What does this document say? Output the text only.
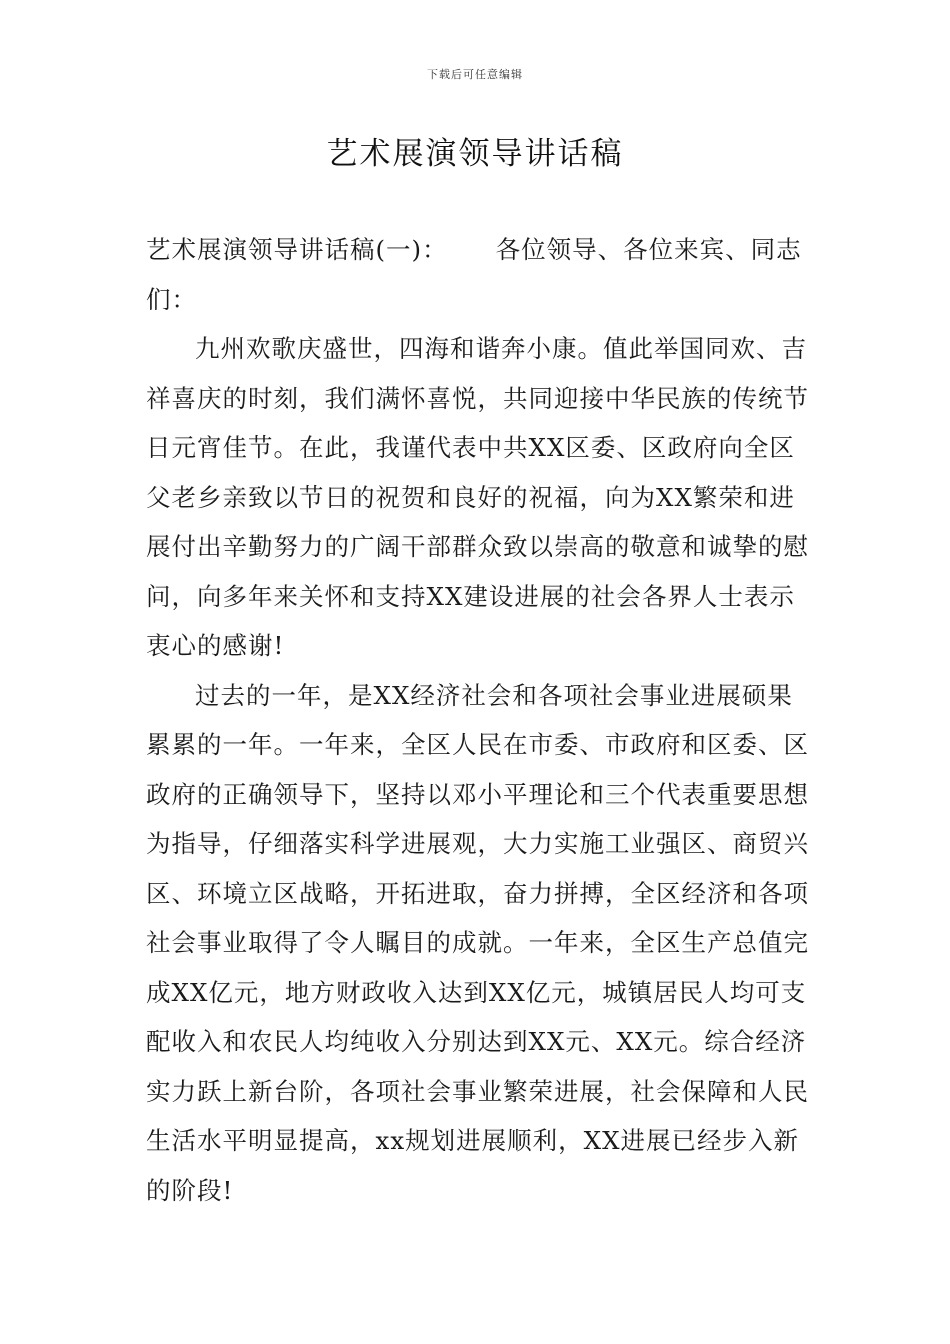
下载后可任意编辑
艺术展演领导讲话稿

艺术展演领导讲话稿(一)： 各位领导、各位来宾、同志们：

九州欢歌庆盛世，四海和谐奔小康。值此举国同欢、吉祥喜庆的时刻，我们满怀喜悦，共同迎接中华民族的传统节日元宵佳节。在此，我谨代表中共XX区委、区政府向全区父老乡亲致以节日的祝贺和良好的祝福，向为XX繁荣和进展付出辛勤努力的广阔干部群众致以崇高的敬意和诚挚的慰问，向多年来关怀和支持XX建设进展的社会各界人士表示衷心的感谢!

过去的一年，是XX经济社会和各项社会事业进展硕果累累的一年。一年来，全区人民在市委、市政府和区委、区政府的正确领导下，坚持以邓小平理论和三个代表重要思想为指导，仔细落实科学进展观，大力实施工业强区、商贸兴区、环境立区战略，开拓进取，奋力拼搏，全区经济和各项社会事业取得了令人瞩目的成就。一年来，全区生产总值完成XX亿元，地方财政收入达到XX亿元，城镇居民人均可支配收入和农民人均纯收入分别达到XX元、XX元。综合经济实力跃上新台阶，各项社会事业繁荣进展，社会保障和人民生活水平明显提高，xx规划进展顺利，XX进展已经步入新的阶段!
